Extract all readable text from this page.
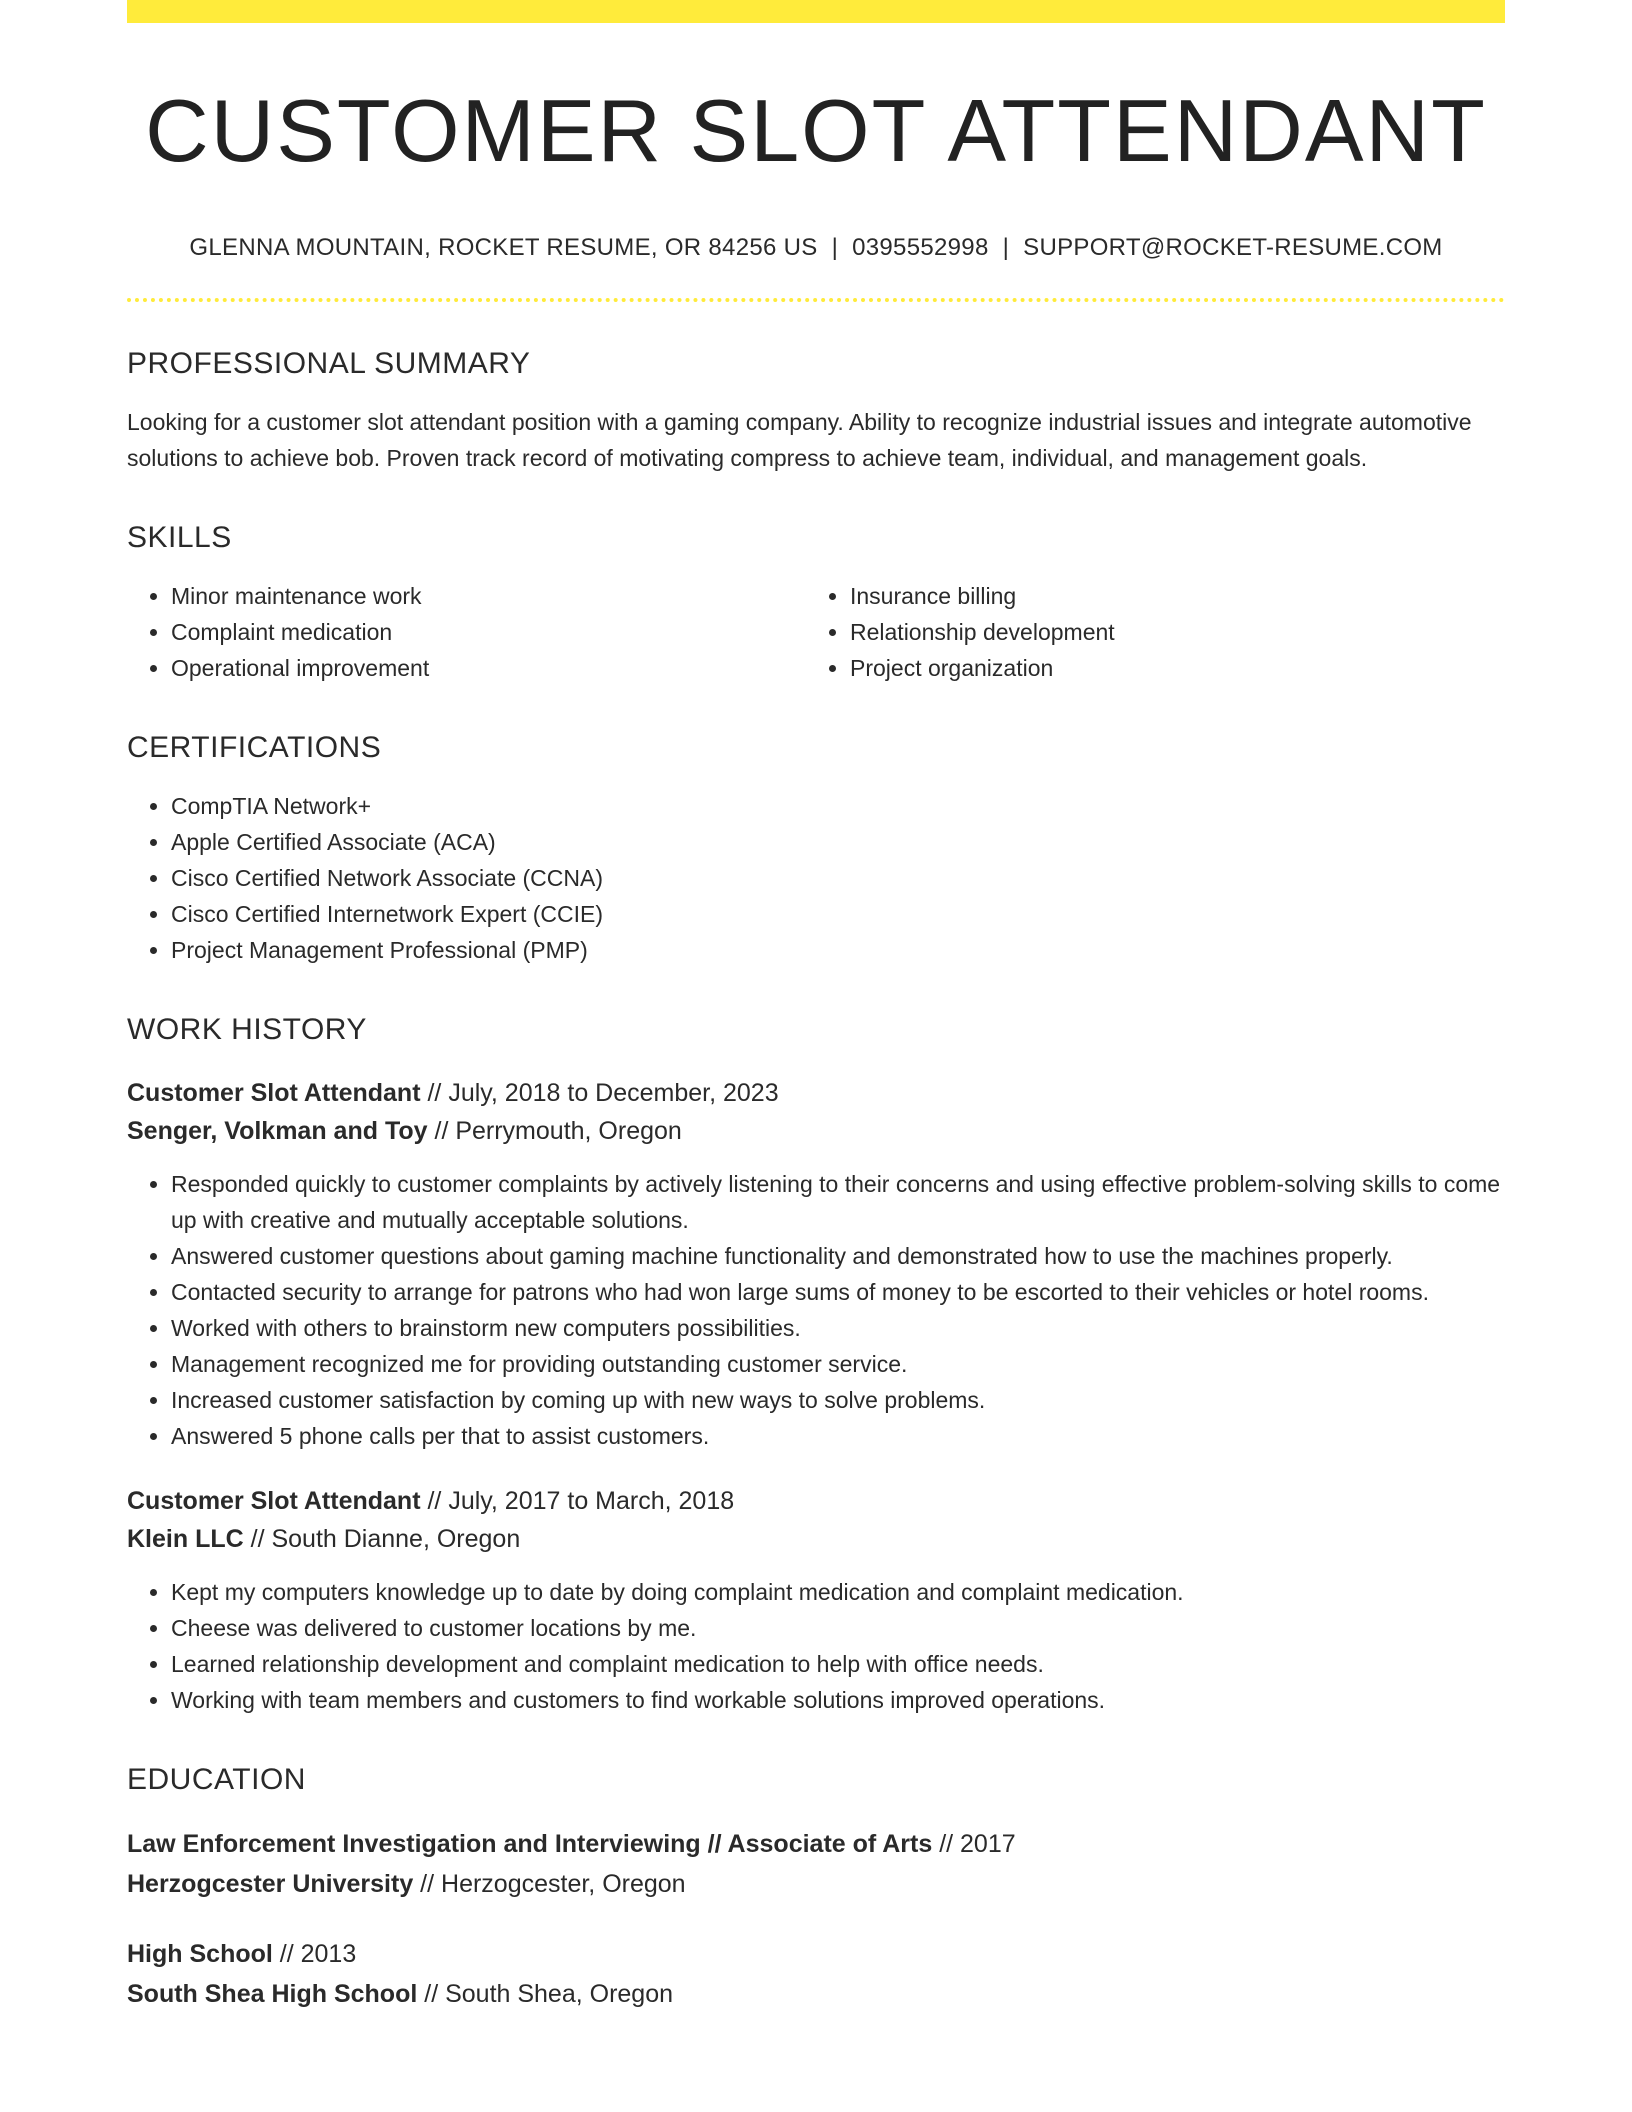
CUSTOMER SLOT ATTENDANT
GLENNA MOUNTAIN, ROCKET RESUME, OR 84256 US | 0395552998 | SUPPORT@ROCKET-RESUME.COM
PROFESSIONAL SUMMARY

Looking for a customer slot attendant position with a gaming company. Ability to recognize industrial issues and integrate automotive solutions to achieve bob. Proven track record of motivating compress to achieve team, individual, and management goals.

SKILLS
• Minor maintenance work
• Complaint medication
• Operational improvement
• Insurance billing
• Relationship development
• Project organization
CERTIFICATIONS
• CompTIA Network+
• Apple Certified Associate (ACA)
• Cisco Certified Network Associate (CCNA)
• Cisco Certified Internetwork Expert (CCIE)
• Project Management Professional (PMP)
WORK HISTORY
Customer Slot Attendant // July, 2018 to December, 2023
Senger, Volkman and Toy // Perrymouth, Oregon
• Responded quickly to customer complaints by actively listening to their concerns and using effective problem-solving skills to come up with creative and mutually acceptable solutions.
• Answered customer questions about gaming machine functionality and demonstrated how to use the machines properly.
• Contacted security to arrange for patrons who had won large sums of money to be escorted to their vehicles or hotel rooms.
• Worked with others to brainstorm new computers possibilities.
• Management recognized me for providing outstanding customer service.
• Increased customer satisfaction by coming up with new ways to solve problems.
• Answered 5 phone calls per that to assist customers.
Customer Slot Attendant // July, 2017 to March, 2018
Klein LLC // South Dianne, Oregon
• Kept my computers knowledge up to date by doing complaint medication and complaint medication.
• Cheese was delivered to customer locations by me.
• Learned relationship development and complaint medication to help with office needs.
• Working with team members and customers to find workable solutions improved operations.
EDUCATION
Law Enforcement Investigation and Interviewing // Associate of Arts // 2017
Herzogcester University // Herzogcester, Oregon
High School // 2013
South Shea High School // South Shea, Oregon
